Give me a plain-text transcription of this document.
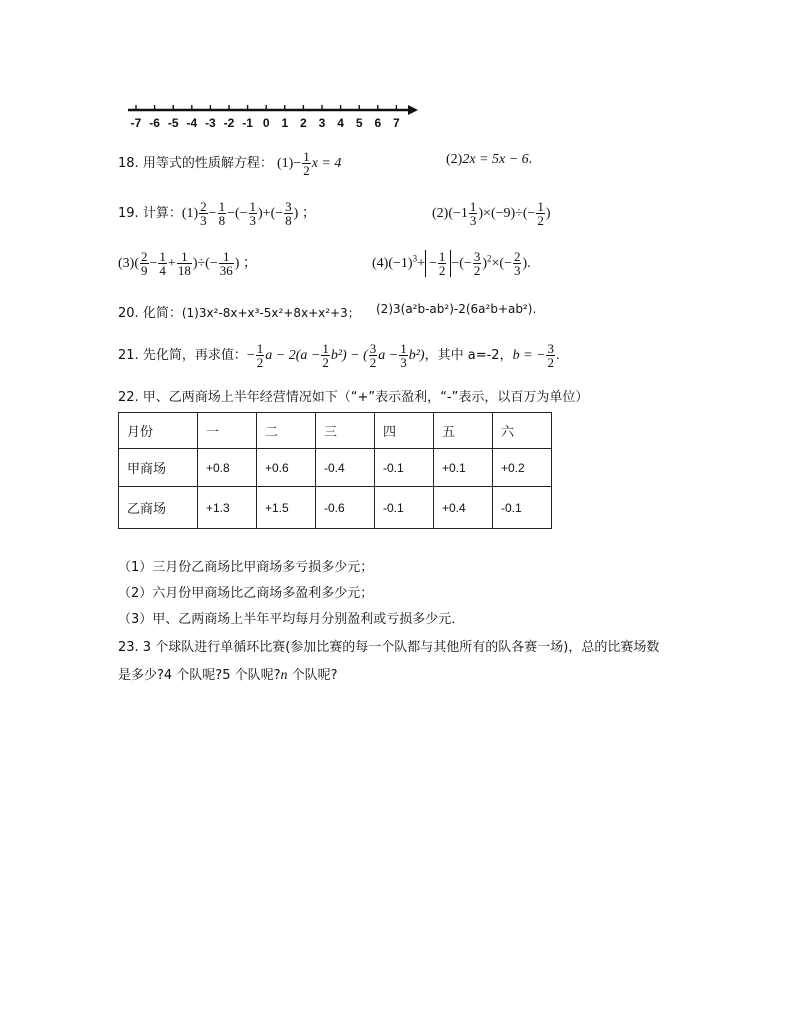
-7 -6 -5 -4 -3 -2 -1 0 1 2 3 4 5 6 7
18. 用等式的性质解方程： $(1)- \frac{1}{2}$ x = 4	(2)2x = 5x − 6.
19. 计算：$(1) \frac{2}{3} - \frac{1}{8}$ −(− $\frac{1}{3}$ )+(− $\frac{3}{8}$ ) ；	$(2)(-1 \frac{1}{3} )\times(-9)\div(- \frac{1}{2}$ )
$(3)( \frac{2}{9} - \frac{1}{4} + \frac{1}{18}$ )÷(− $\frac{1}{36}$ ) ；	$(4)(-1)^3+ - \frac{1}{2}$ −(− $\frac{3}{2} )^2\times(- \frac{2}{3}$ ).
20. 化简：(1)3x²-8x+x³-5x²+8x+x²+3； (2)3(a²b-ab²)-2(6a²b+ab²).
21. 先化简，再求值：− $\frac{1}{2}$ $a - 2(a - \frac{1}{2} b^2)$ − ( $\frac{3}{2}$ $a - \frac{1}{3} b^2$)，其中 a=-2，b = − $\frac{3}{2}$ .
22. 甲、乙两商场上半年经营情况如下（“+”表示盈利，“-”表示，以百万为单位）
月份	一	二	三	四	五	六
甲商场	+0.8	+0.6	-0.4	-0.1	+0.1	+0.2
乙商场	+1.3	+1.5	-0.6	-0.1	+0.4	-0.1
（1）三月份乙商场比甲商场多亏损多少元；
（2）六月份甲商场比乙商场多盈利多少元；
（3）甲、乙两商场上半年平均每月分别盈利或亏损多少元．
23. 3 个球队进行单循环比赛(参加比赛的每一个队都与其他所有的队各赛一场)，总的比赛场数
是多少?4 个队呢?5 个队呢?n 个队呢?
